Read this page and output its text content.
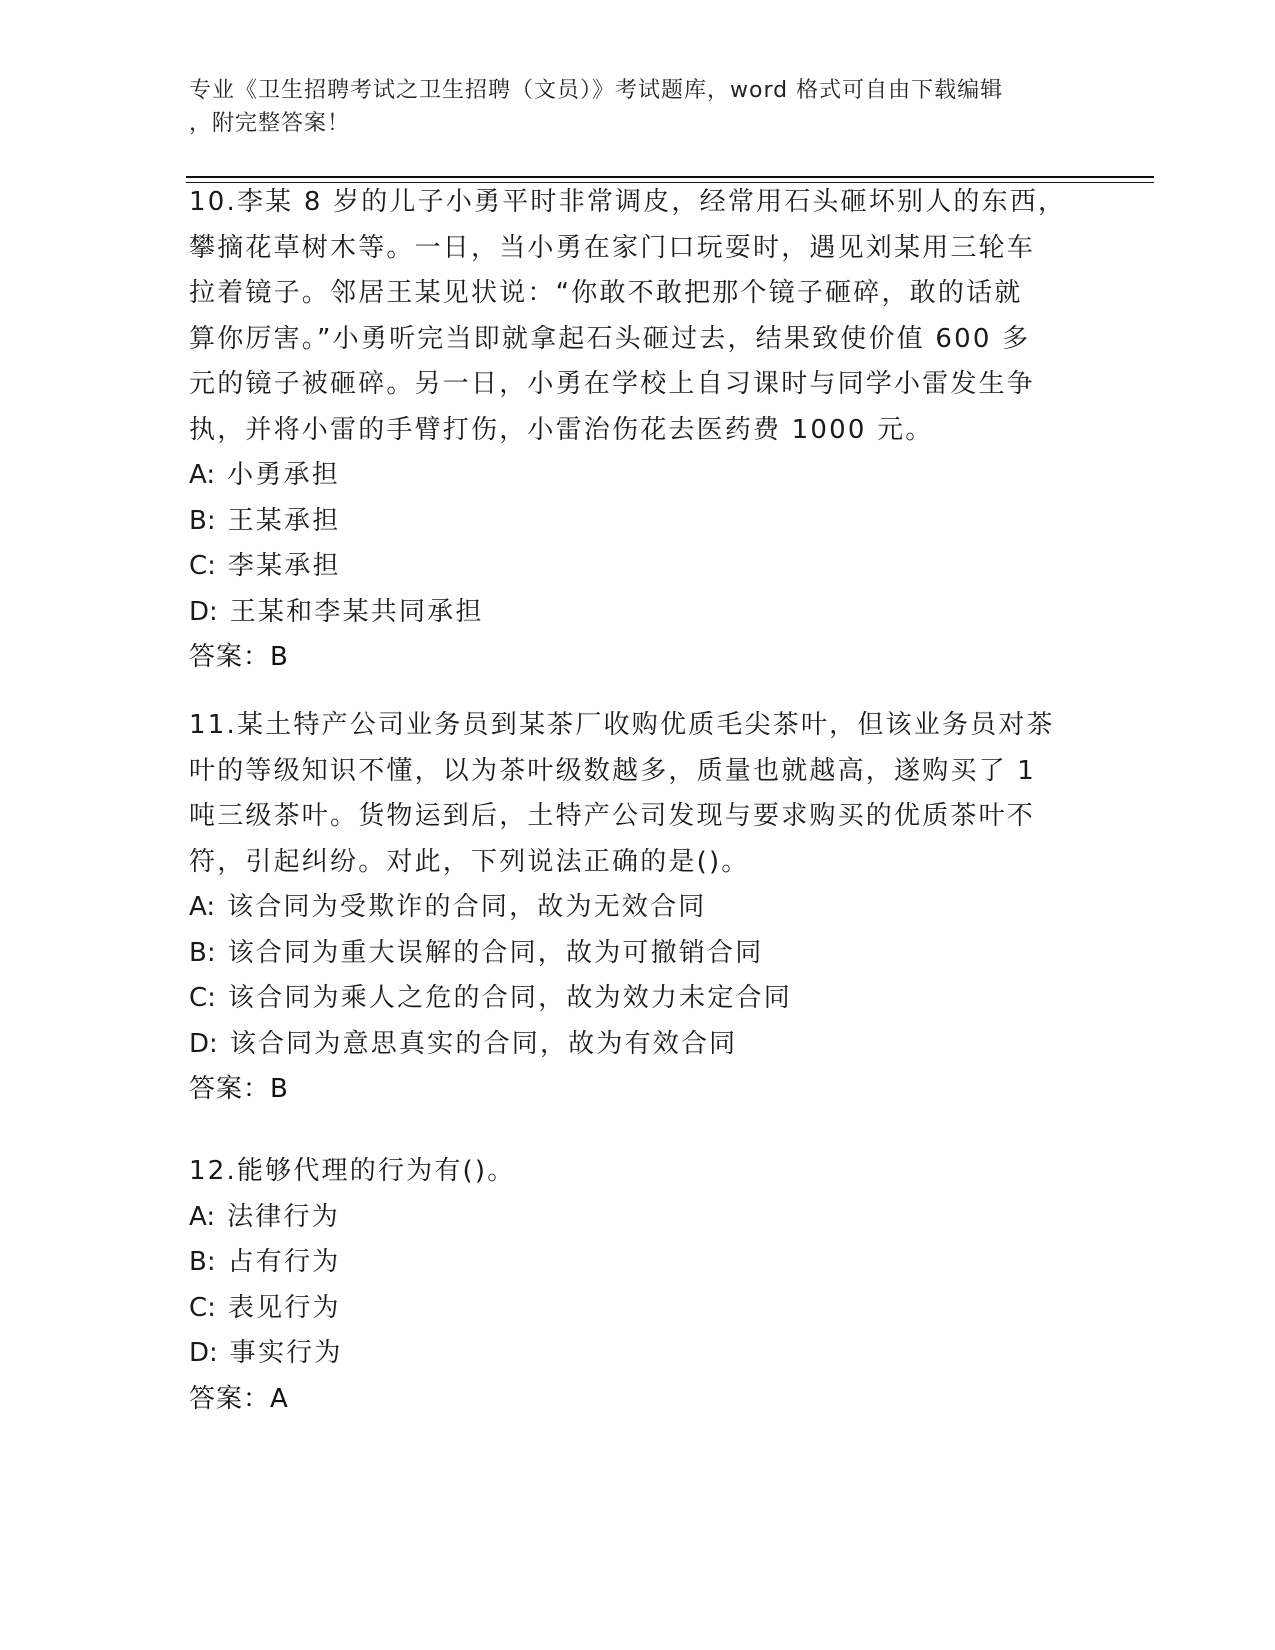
专业《卫生招聘考试之卫生招聘（文员）》考试题库，word 格式可自由下载编辑
，附完整答案！

10.李某 8 岁的儿子小勇平时非常调皮，经常用石头砸坏别人的东西，

攀摘花草树木等。一日，当小勇在家门口玩耍时，遇见刘某用三轮车

拉着镜子。邻居王某见状说：“你敢不敢把那个镜子砸碎，敢的话就

算你厉害。”小勇听完当即就拿起石头砸过去，结果致使价值 600 多

元的镜子被砸碎。另一日，小勇在学校上自习课时与同学小雷发生争

执，并将小雷的手臂打伤，小雷治伤花去医药费 1000 元。

A: 小勇承担

B: 王某承担

C: 李某承担

D: 王某和李某共同承担

答案：B

11.某土特产公司业务员到某茶厂收购优质毛尖茶叶，但该业务员对茶

叶的等级知识不懂，以为茶叶级数越多，质量也就越高，遂购买了 1

吨三级茶叶。货物运到后，土特产公司发现与要求购买的优质茶叶不

符，引起纠纷。对此，下列说法正确的是()。

A: 该合同为受欺诈的合同，故为无效合同

B: 该合同为重大误解的合同，故为可撤销合同

C: 该合同为乘人之危的合同，故为效力未定合同

D: 该合同为意思真实的合同，故为有效合同

答案：B

12.能够代理的行为有()。

A: 法律行为

B: 占有行为

C: 表见行为

D: 事实行为

答案：A
